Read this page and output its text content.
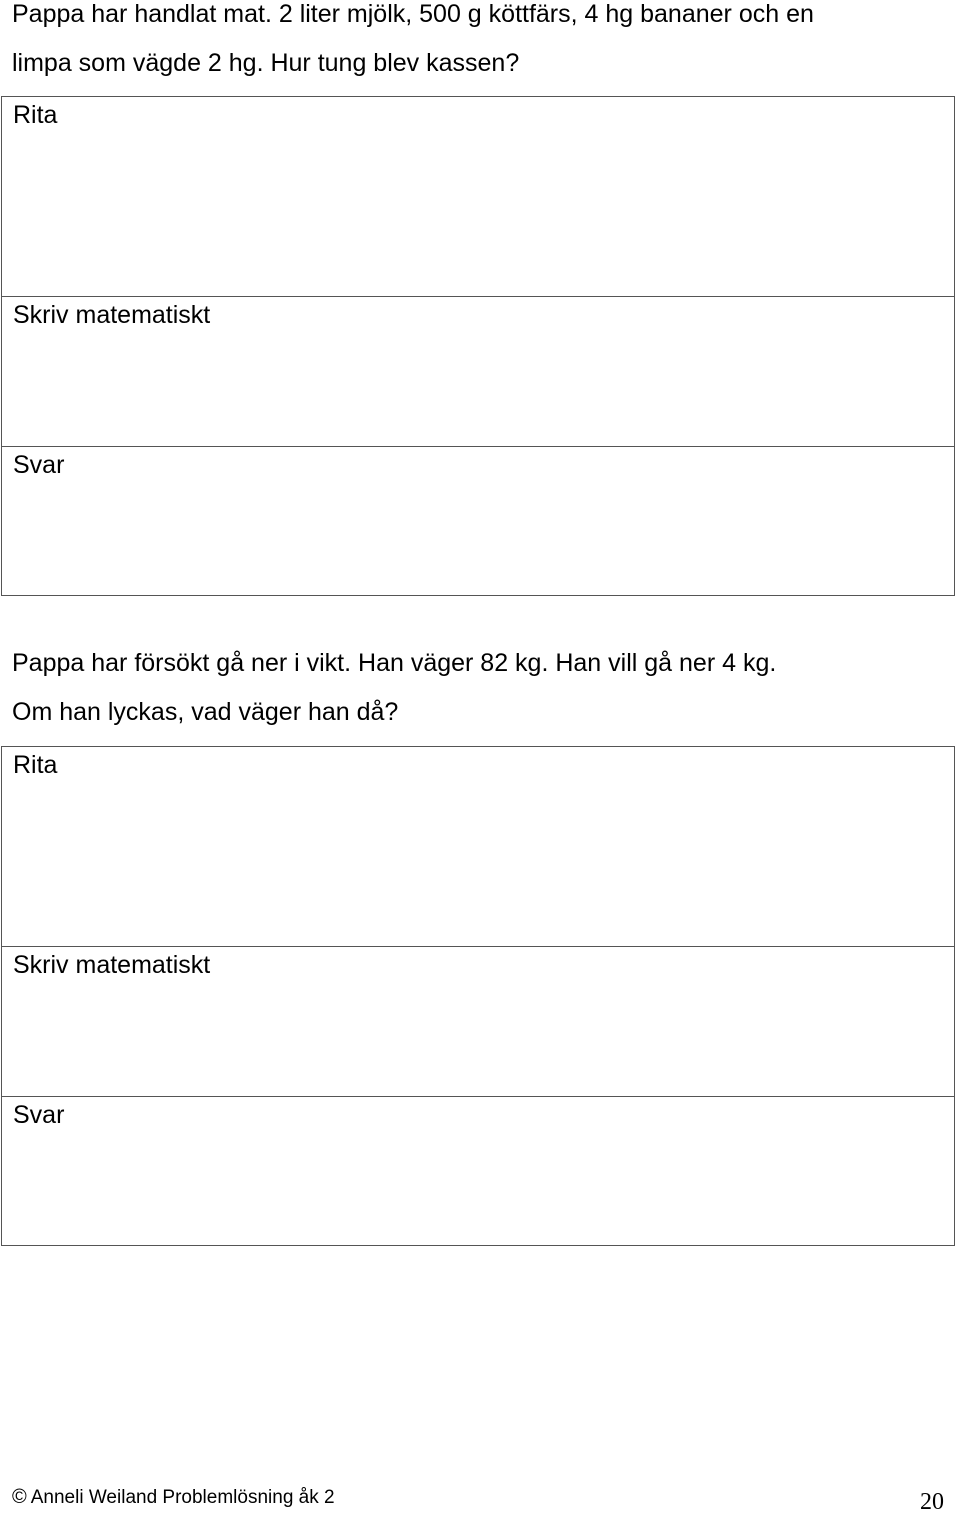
Pappa har handlat mat. 2 liter mjölk, 500 g köttfärs, 4 hg bananer och en
limpa som vägde 2 hg. Hur tung blev kassen?

Rita
Skriv matematiskt
Svar

Pappa har försökt gå ner i vikt. Han väger 82 kg. Han vill gå ner 4 kg.
Om han lyckas, vad väger han då?

Rita
Skriv matematiskt
Svar
© Anneli Weiland Problemlösning åk 2	20
